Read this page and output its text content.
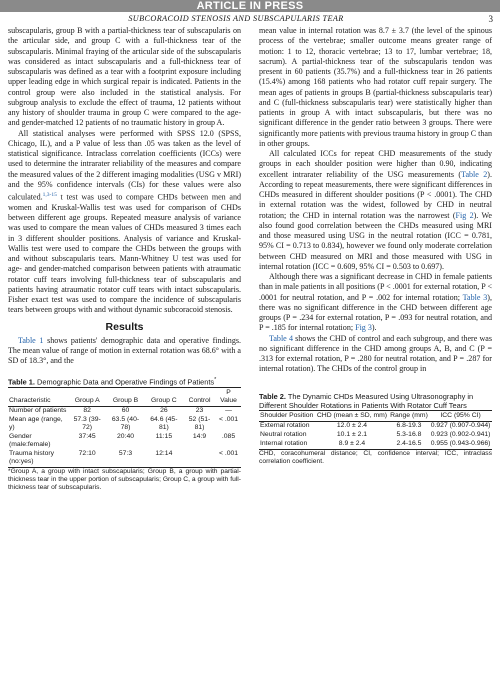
ARTICLE IN PRESS
SUBCORACOID STENOSIS AND SUBSCAPULARIS TEAR	3

subscapularis, group B with a partial-thickness tear of subscapularis on the articular side, and group C with a full-thickness tear of the subscapularis. Minimal fraying of the articular side of the subscapularis was considered as intact subscapularis and a full-thickness tear of subscapularis was defined as a tear with a footprint exposure including upper leading edge in which surgical repair is indicated. Patients in the control group were also included in the statistical analysis. For subgroup analysis to exclude the effect of trauma, 12 patients without any history of shoulder trauma in group C were compared to the age- and gender-matched 12 patients of no traumatic history in group A.

All statistical analyses were performed with SPSS 12.0 (SPSS, Chicago, IL), and a P value of less than .05 was taken as the level of statistical significance. Intraclass correlation coefficients (ICCs) were used to determine the intrarater reliability of the measures and compare the measured values of the 2 different imaging modalities (USG v MRI) and the 95% confidence intervals (CIs) for these values were also calculated.$^{1,3-15}$ t test was used to compare CHDs between men and women and Kruskal-Wallis test was used for comparison of CHDs between different age groups. Repeated measure analysis of variance was used to compare the mean values of CHDs measured 3 times each in 3 different shoulder positions. Analysis of variance and Kruskal-Wallis test were used to compare the CHDs between the groups with and without subscapularis tears. Mann-Whitney U test was used for age- and gender-matched comparison between patients with atraumatic rotator cuff tears involving full-thickness tear of subscapularis and patients having atraumatic rotator cuff tears with intact subscapularis. Fisher exact test was used to compare the incidence of subscapularis tears between groups with and without dynamic subcoracoid stenosis.

Results

Table 1 shows patients' demographic data and operative findings. The mean value of range of motion in external rotation was 68.6° with a SD of 18.3°, and the

Table 1. Demographic Data and Operative Findings of Patients*

Characteristic	Group A	Group B	Group C	Control	P Value
Number of patients	82	60	26	23	—
Mean age (range, y)	57.3 (39-72)	63.5 (40-78)	64.6 (45-81)	52 (51-81)	< .001
Gender (male:female)	37:45	20:40	11:15	14:9	.085
Trauma history (no:yes)	72:10	57:3	12:14		< .001

*Group A, a group with intact subscapularis; Group B, a group with partial-thickness tear in the upper portion of subscapularis; Group C, a group with full-thickness tear of subscapularis.

mean value in internal rotation was 8.7 ± 3.7 (the level of the spinous process of the vertebrae; smaller outcome means greater range of motion: 1 to 12, thoracic vertebrae; 13 to 17, lumbar vertebrae; 18, sacrum). A partial-thickness tear of the subscapularis tendon was present in 60 patients (35.7%) and a full-thickness tear in 26 patients (15.4%) among 168 patients who had rotator cuff repair surgery. The mean ages of patients in groups B (partial-thickness subscapularis tear) and C (full-thickness subscapularis tear) were statistically higher than patients in group A with intact subscapularis, but there was no significant difference in the gender ratio between 3 groups. There were significantly more patients with previous trauma history in group C than in other groups.

All calculated ICCs for repeat CHD measurements of the study groups in each shoulder position were higher than 0.90, indicating excellent intrarater reliability of the USG measurements (Table 2). According to repeat measurements, there were significant differences in CHDs measured in different shoulder positions (P < .0001). The CHD in external rotation was the widest, followed by CHD in neutral rotation; the CHD in internal rotation was the narrowest (Fig 2). We also found good correlation between the CHDs measured using MRI and those measured using USG in the neutral rotation (ICC = 0.781, 95% CI = 0.713 to 0.834), however we found only moderate correlation between CHD measured on MRI and those measured with USG in internal rotation (ICC = 0.609, 95% CI = 0.503 to 0.697).

Although there was a significant decrease in CHD in female patients than in male patients in all positions (P < .0001 for external rotation, P < .0001 for neutral rotation, and P = .002 for internal rotation; Table 3), there was no significant difference in the CHD between different age groups (P = .234 for external rotation, P = .093 for neutral rotation, and P = .185 for internal rotation; Fig 3).

Table 4 shows the CHD of control and each subgroup, and there was no significant difference in the CHD among groups A, B, and C (P = .313 for external rotation, P = .280 for neutral rotation, and P = .287 for internal rotation). The CHDs of the control group in

Table 2. The Dynamic CHDs Measured Using Ultrasonography in Different Shoulder Rotations in Patients With Rotator Cuff Tears

Shoulder Position	CHD (mean ± SD, mm)	Range (mm)	ICC (95% CI)
External rotation	12.0 ± 2.4	6.8-19.3	0.927 (0.907-0.944)
Neutral rotation	10.1 ± 2.1	5.3-16.8	0.923 (0.902-0.941)
Internal rotation	8.9 ± 2.4	2.4-16.5	0.955 (0.943-0.966)

CHD, coracohumeral distance; CI, confidence interval; ICC, intraclass correlation coefficient.
